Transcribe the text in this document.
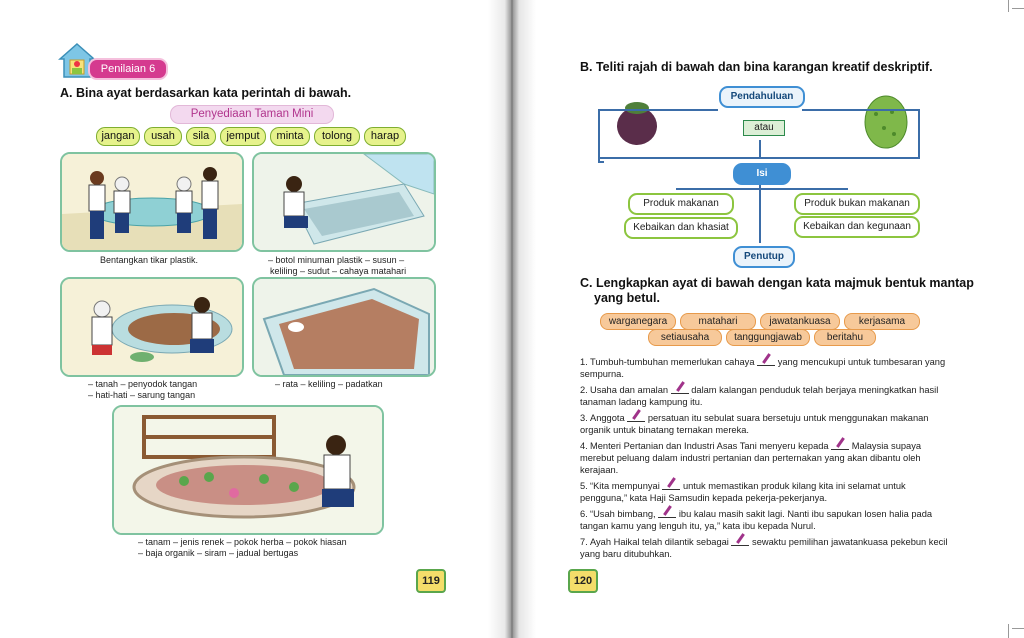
Penilaian 6
A. Bina ayat berdasarkan kata perintah di bawah.
Penyediaan Taman Mini
jangan	usah	sila	jemput	minta	tolong	harap
Bentangkan tikar plastik.	– botol minuman plastik – susun –
keliling – sudut – cahaya matahari
– tanah – penyodok tangan
– hati-hati – sarung tangan
– rata – keliling – padatkan
– tanam – jenis renek – pokok herba – pokok hiasan
– baja organik – siram – jadual bertugas
119
B. Teliti rajah di bawah dan bina karangan kreatif deskriptif.
Pendahuluan
atau
Isi
Produk makanan	Produk bukan makanan
Kebaikan dan khasiat	Kebaikan dan kegunaan
Penutup
C. Lengkapkan ayat di bawah dengan kata majmuk bentuk mantap
yang betul.
warganegara	matahari	jawatankuasa	kerjasama
setiausaha	tanggungjawab	beritahu
1. Tumbuh-tumbuhan memerlukan cahaya yang mencukupi untuk tumbesaran yang sempurna.
2. Usaha dan amalan dalam kalangan penduduk telah berjaya meningkatkan hasil tanaman ladang kampung itu.
3. Anggota persatuan itu sebulat suara bersetuju untuk menggunakan makanan organik untuk binatang ternakan mereka.
4. Menteri Pertanian dan Industri Asas Tani menyeru kepada Malaysia supaya merebut peluang dalam industri pertanian dan perternakan yang akan dibantu oleh kerajaan.
5. “Kita mempunyai untuk memastikan produk kilang kita ini selamat untuk pengguna,” kata Haji Samsudin kepada pekerja-pekerjanya.
6. “Usah bimbang, ibu kalau masih sakit lagi. Nanti ibu sapukan losen halia pada tangan kamu yang lenguh itu, ya,” kata ibu kepada Nurul.
7. Ayah Haikal telah dilantik sebagai sewaktu pemilihan jawatankuasa pekebun kecil yang baru ditubuhkan.
120
